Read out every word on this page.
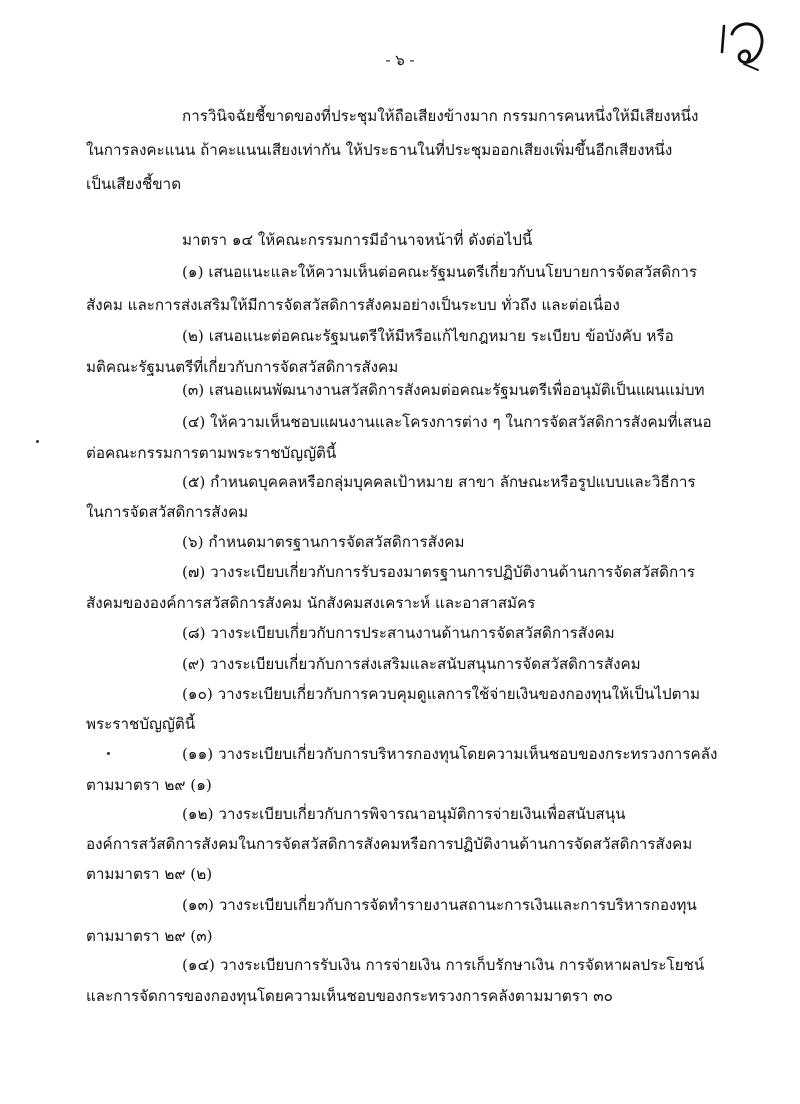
- ๖ -
การวินิจฉัยชี้ขาดของที่ประชุมให้ถือเสียงข้างมาก กรรมการคนหนึ่งให้มีเสียงหนึ่ง
ในการลงคะแนน ถ้าคะแนนเสียงเท่ากัน ให้ประธานในที่ประชุมออกเสียงเพิ่มขึ้นอีกเสียงหนึ่ง
เป็นเสียงชี้ขาด
มาตรา ๑๔ ให้คณะกรรมการมีอำนาจหน้าที่ ดังต่อไปนี้
(๑) เสนอแนะและให้ความเห็นต่อคณะรัฐมนตรีเกี่ยวกับนโยบายการจัดสวัสดิการ
สังคม และการส่งเสริมให้มีการจัดสวัสดิการสังคมอย่างเป็นระบบ ทั่วถึง และต่อเนื่อง
(๒) เสนอแนะต่อคณะรัฐมนตรีให้มีหรือแก้ไขกฎหมาย ระเบียบ ข้อบังคับ หรือ
มติคณะรัฐมนตรีที่เกี่ยวกับการจัดสวัสดิการสังคม
(๓) เสนอแผนพัฒนางานสวัสดิการสังคมต่อคณะรัฐมนตรีเพื่ออนุมัติเป็นแผนแม่บท
(๔) ให้ความเห็นชอบแผนงานและโครงการต่าง ๆ ในการจัดสวัสดิการสังคมที่เสนอ
ต่อคณะกรรมการตามพระราชบัญญัตินี้
(๕) กำหนดบุคคลหรือกลุ่มบุคคลเป้าหมาย สาขา ลักษณะหรือรูปแบบและวิธีการ
ในการจัดสวัสดิการสังคม
(๖) กำหนดมาตรฐานการจัดสวัสดิการสังคม
(๗) วางระเบียบเกี่ยวกับการรับรองมาตรฐานการปฏิบัติงานด้านการจัดสวัสดิการ
สังคมขององค์การสวัสดิการสังคม นักสังคมสงเคราะห์ และอาสาสมัคร
(๘) วางระเบียบเกี่ยวกับการประสานงานด้านการจัดสวัสดิการสังคม
(๙) วางระเบียบเกี่ยวกับการส่งเสริมและสนับสนุนการจัดสวัสดิการสังคม
(๑๐) วางระเบียบเกี่ยวกับการควบคุมดูแลการใช้จ่ายเงินของกองทุนให้เป็นไปตาม
พระราชบัญญัตินี้
(๑๑) วางระเบียบเกี่ยวกับการบริหารกองทุนโดยความเห็นชอบของกระทรวงการคลัง
ตามมาตรา ๒๙ (๑)
(๑๒) วางระเบียบเกี่ยวกับการพิจารณาอนุมัติการจ่ายเงินเพื่อสนับสนุน
องค์การสวัสดิการสังคมในการจัดสวัสดิการสังคมหรือการปฏิบัติงานด้านการจัดสวัสดิการสังคม
ตามมาตรา ๒๙ (๒)
(๑๓) วางระเบียบเกี่ยวกับการจัดทำรายงานสถานะการเงินและการบริหารกองทุน
ตามมาตรา ๒๙ (๓)
(๑๔) วางระเบียบการรับเงิน การจ่ายเงิน การเก็บรักษาเงิน การจัดหาผลประโยชน์
และการจัดการของกองทุนโดยความเห็นชอบของกระทรวงการคลังตามมาตรา ๓๐
